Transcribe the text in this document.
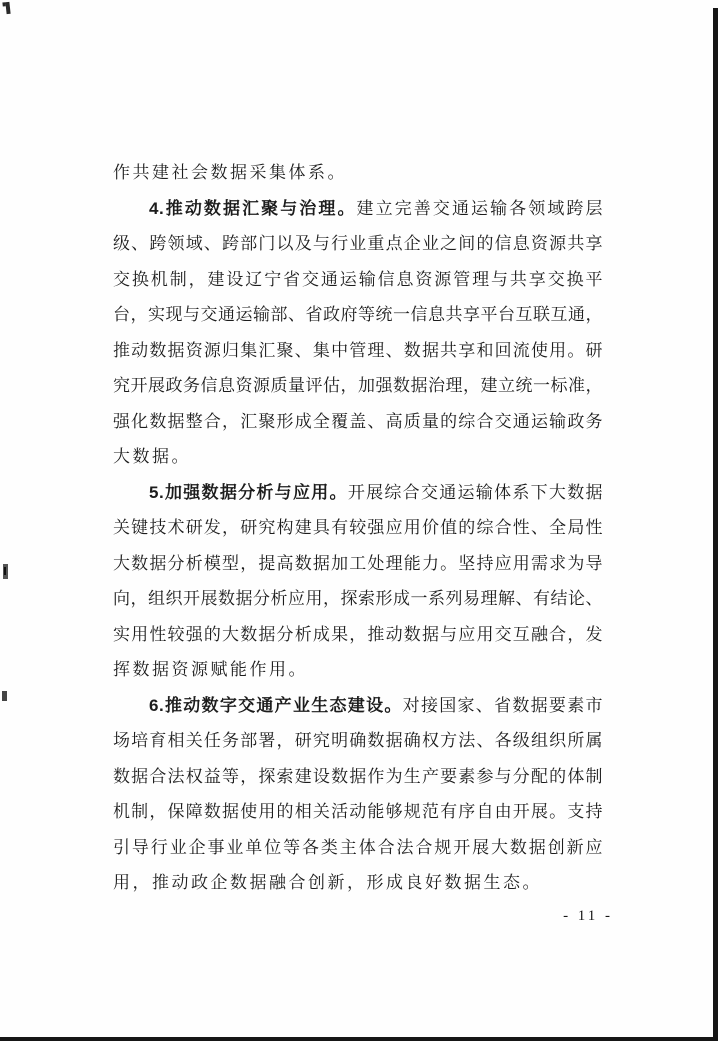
作共建社会数据采集体系。
4.推动数据汇聚与治理。建立完善交通运输各领域跨层
级、跨领域、跨部门以及与行业重点企业之间的信息资源共享
交换机制，建设辽宁省交通运输信息资源管理与共享交换平
台，实现与交通运输部、省政府等统一信息共享平台互联互通，
推动数据资源归集汇聚、集中管理、数据共享和回流使用。研
究开展政务信息资源质量评估，加强数据治理，建立统一标准，
强化数据整合，汇聚形成全覆盖、高质量的综合交通运输政务
大数据。
5.加强数据分析与应用。开展综合交通运输体系下大数据
关键技术研发，研究构建具有较强应用价值的综合性、全局性
大数据分析模型，提高数据加工处理能力。坚持应用需求为导
向，组织开展数据分析应用，探索形成一系列易理解、有结论、
实用性较强的大数据分析成果，推动数据与应用交互融合，发
挥数据资源赋能作用。
6.推动数字交通产业生态建设。对接国家、省数据要素市
场培育相关任务部署，研究明确数据确权方法、各级组织所属
数据合法权益等，探索建设数据作为生产要素参与分配的体制
机制，保障数据使用的相关活动能够规范有序自由开展。支持
引导行业企事业单位等各类主体合法合规开展大数据创新应
用，推动政企数据融合创新，形成良好数据生态。
- 11 -
